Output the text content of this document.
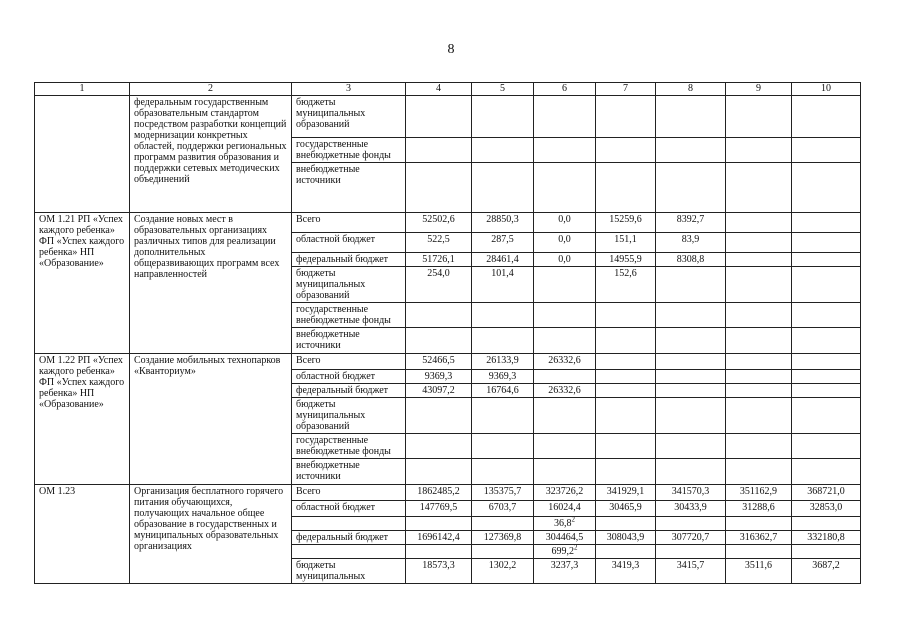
8
1	2	3	4	5	6	7	8	9	10
	федеральным государственным образовательным стандартом посредством разработки концепций модернизации конкретных областей, поддержки региональных программ развития образования и поддержки сетевых методических объединений	бюджеты муниципальных образований							
		государственные внебюджетные фонды							
		внебюджетные источники							
ОМ 1.21 РП «Успех каждого ребенка» ФП «Успех каждого ребенка» НП «Образование»	Создание новых мест в образовательных организациях различных типов для реализации дополнительных общеразвивающих программ всех направленностей	Всего	52502,6	28850,3	0,0	15259,6	8392,7		
		областной бюджет	522,5	287,5	0,0	151,1	83,9		
		федеральный бюджет	51726,1	28461,4	0,0	14955,9	8308,8		
		бюджеты муниципальных образований	254,0	101,4		152,6			
		государственные внебюджетные фонды							
		внебюджетные источники							
ОМ 1.22 РП «Успех каждого ребенка» ФП «Успех каждого ребенка» НП «Образование»	Создание мобильных технопарков «Кванториум»	Всего	52466,5	26133,9	26332,6				
		областной бюджет	9369,3	9369,3					
		федеральный бюджет	43097,2	16764,6	26332,6				
		бюджеты муниципальных образований							
		государственные внебюджетные фонды							
		внебюджетные источники							
ОМ 1.23	Организация бесплатного горячего питания обучающихся, получающих начальное общее образование в государственных и муниципальных образовательных организациях	Всего	1862485,2	135375,7	323726,2	341929,1	341570,3	351162,9	368721,0
		областной бюджет	147769,5	6703,7	16024,4	30465,9	30433,9	31288,6	32853,0
					36,8$^2$				
		федеральный бюджет	1696142,4	127369,8	304464,5	308043,9	307720,7	316362,7	332180,8
					699,2$^2$				
		бюджеты муниципальных	18573,3	1302,2	3237,3	3419,3	3415,7	3511,6	3687,2
